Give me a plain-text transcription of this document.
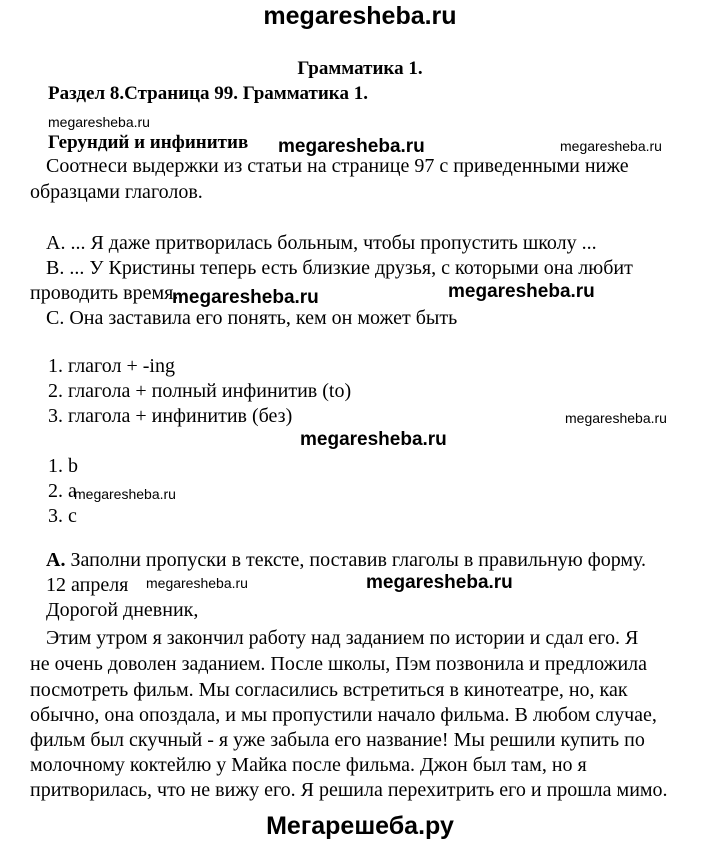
megaresheba.ru
Грамматика 1.
Раздел 8.Страница 99. Грамматика 1.
megaresheba.ru
Герундий и инфинитив megaresheba.ru	megaresheba.ru
Соотнеси выдержки из статьи на странице 97 с приведенными ниже
образцами глаголов.
A. ... Я даже притворилась больным, чтобы пропустить школу ...
B. ... У Кристины теперь есть близкие друзья, с которыми она любит
проводить время.
megaresheba.ru	megaresheba.ru
C. Она заставила его понять, кем он может быть
1. глагол + -ing
2. глагола + полный инфинитив (to)
3. глагола + инфинитив (без)	megaresheba.ru
megaresheba.ru
1. b
2. a
megaresheba.ru
3. c
A. Заполни пропуски в тексте, поставив глаголы в правильную форму.
12 апреля megaresheba.ru	megaresheba.ru
Дорогой дневник,
Этим утром я закончил работу над заданием по истории и сдал его. Я
не очень доволен заданием. После школы, Пэм позвонила и предложила
посмотреть фильм. Мы согласились встретиться в кинотеатре, но, как
обычно, она опоздала, и мы пропустили начало фильма. В любом случае,
фильм был скучный - я уже забыла его название! Мы решили купить по
молочному коктейлю у Майка после фильма. Джон был там, но я
притворилась, что не вижу его. Я решила перехитрить его и прошла мимо.
Мегарешеба.ру
